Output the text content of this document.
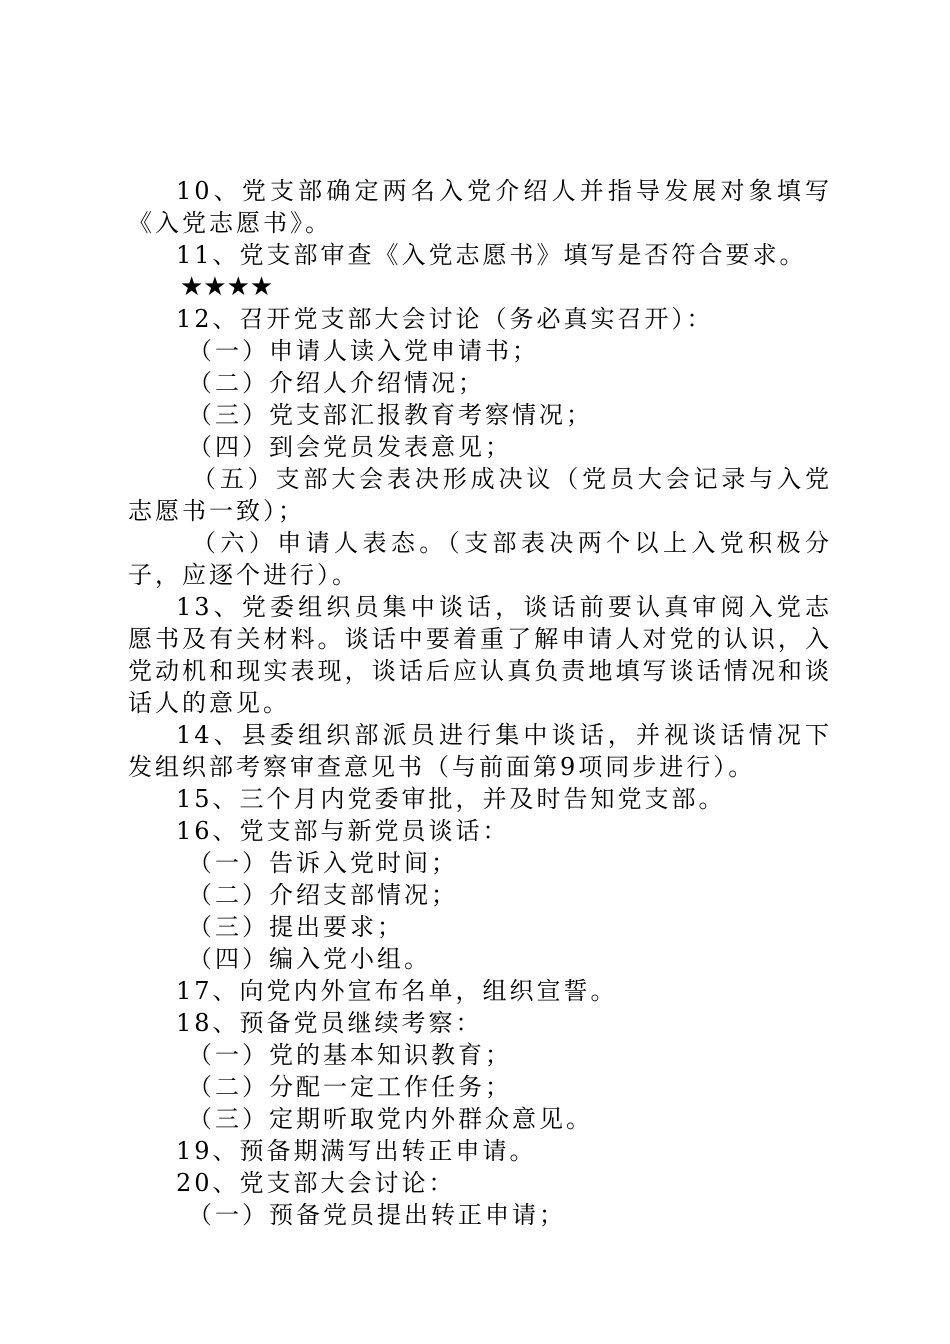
10、党支部确定两名入党介绍人并指导发展对象填写《入党志愿书》。

11、党支部审查《入党志愿书》填写是否符合要求。

★★★★

12、召开党支部大会讨论（务必真实召开）：

（一）申请人读入党申请书；

（二）介绍人介绍情况；

（三）党支部汇报教育考察情况；

（四）到会党员发表意见；

（五）支部大会表决形成决议（党员大会记录与入党志愿书一致）；

（六）申请人表态。（支部表决两个以上入党积极分子，应逐个进行）。

13、党委组织员集中谈话，谈话前要认真审阅入党志愿书及有关材料。谈话中要着重了解申请人对党的认识，入党动机和现实表现，谈话后应认真负责地填写谈话情况和谈话人的意见。

14、县委组织部派员进行集中谈话，并视谈话情况下发组织部考察审查意见书（与前面第9项同步进行）。

15、三个月内党委审批，并及时告知党支部。

16、党支部与新党员谈话：

（一）告诉入党时间；

（二）介绍支部情况；

（三）提出要求；

（四）编入党小组。

17、向党内外宣布名单，组织宣誓。

18、预备党员继续考察：

（一）党的基本知识教育；

（二）分配一定工作任务；

（三）定期听取党内外群众意见。

19、预备期满写出转正申请。

20、党支部大会讨论：

（一）预备党员提出转正申请；
